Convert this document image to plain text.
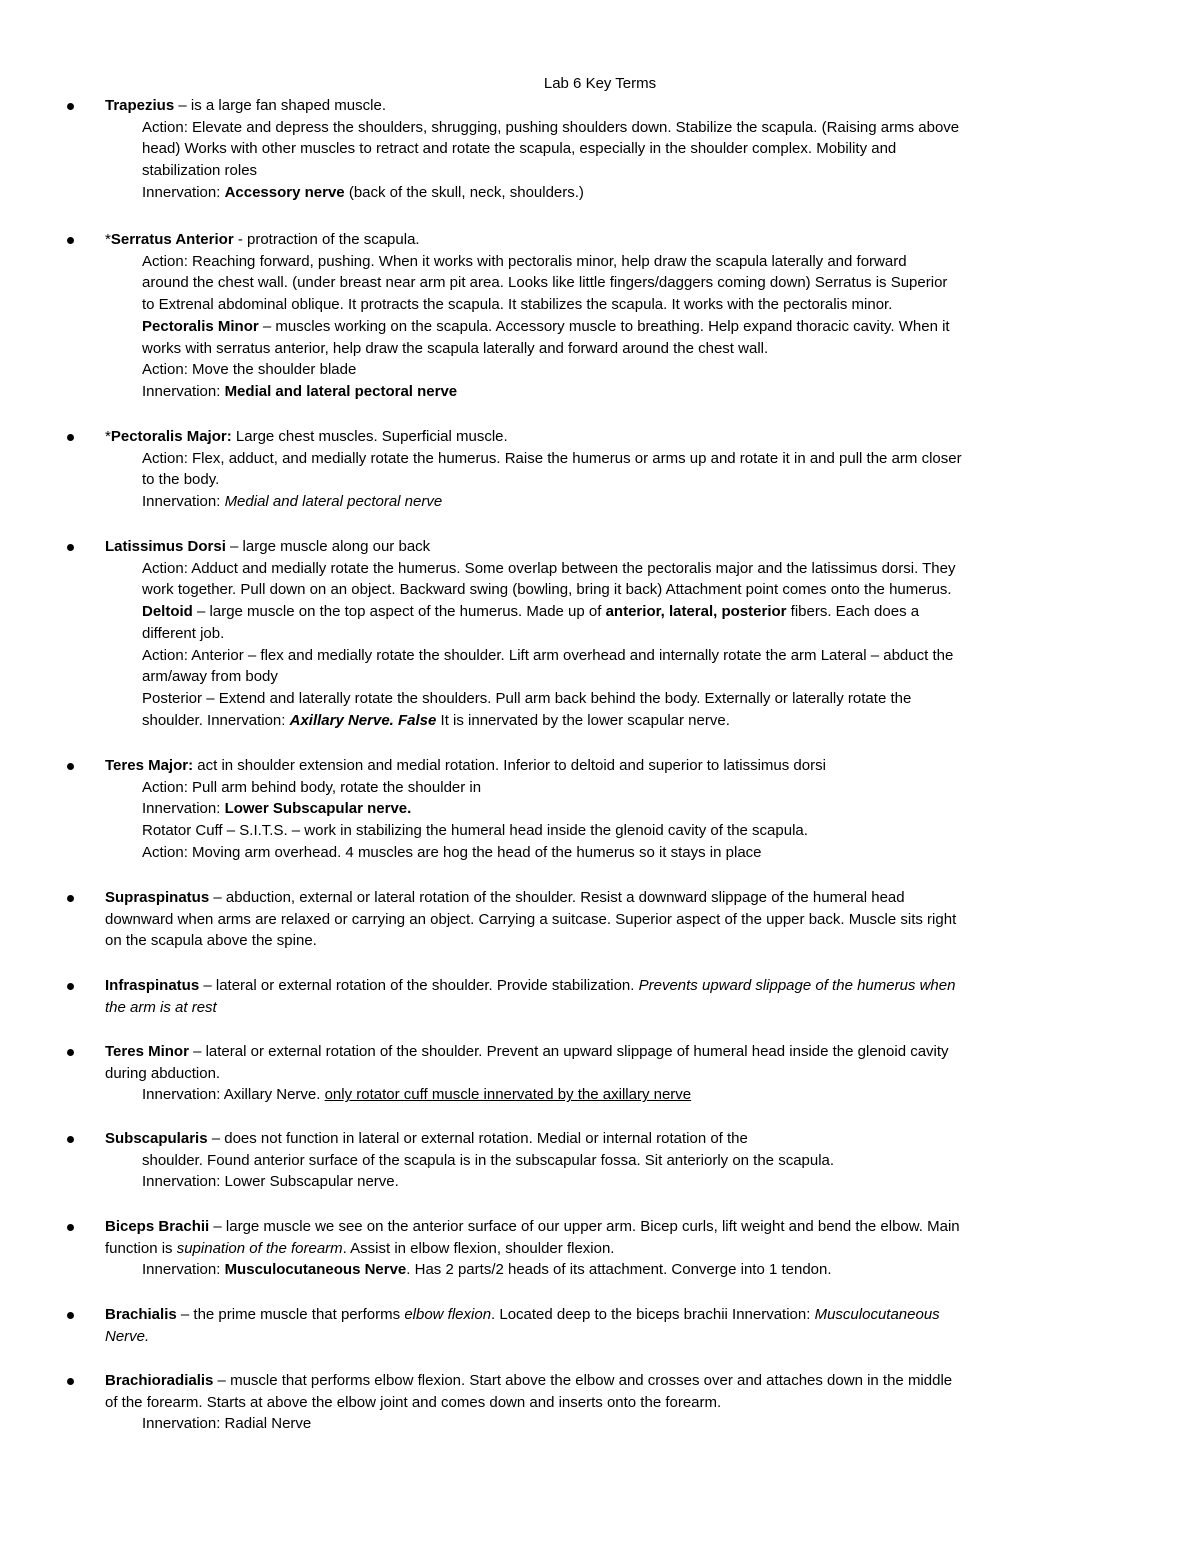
Lab 6 Key Terms
Trapezius – is a large fan shaped muscle.
Action: Elevate and depress the shoulders, shrugging, pushing shoulders down. Stabilize the scapula. (Raising arms above
head) Works with other muscles to retract and rotate the scapula, especially in the shoulder complex. Mobility and
stabilization roles
Innervation: Accessory nerve (back of the skull, neck, shoulders.)
*Serratus Anterior - protraction of the scapula.
Action: Reaching forward, pushing. When it works with pectoralis minor, help draw the scapula laterally and forward
around the chest wall. (under breast near arm pit area. Looks like little fingers/daggers coming down) Serratus is Superior
to Extrenal abdominal oblique. It protracts the scapula. It stabilizes the scapula. It works with the pectoralis minor.
Pectoralis Minor – muscles working on the scapula. Accessory muscle to breathing. Help expand thoracic cavity. When it
works with serratus anterior, help draw the scapula laterally and forward around the chest wall.
Action: Move the shoulder blade
Innervation: Medial and lateral pectoral nerve
*Pectoralis Major: Large chest muscles. Superficial muscle.
Action: Flex, adduct, and medially rotate the humerus. Raise the humerus or arms up and rotate it in and pull the arm closer
to the body.
Innervation: Medial and lateral pectoral nerve
Latissimus Dorsi – large muscle along our back
Action: Adduct and medially rotate the humerus. Some overlap between the pectoralis major and the latissimus dorsi. They
work together. Pull down on an object. Backward swing (bowling, bring it back) Attachment point comes onto the humerus.
Deltoid – large muscle on the top aspect of the humerus. Made up of anterior, lateral, posterior fibers. Each does a
different job.
Action: Anterior – flex and medially rotate the shoulder. Lift arm overhead and internally rotate the arm Lateral – abduct the
arm/away from body
Posterior – Extend and laterally rotate the shoulders. Pull arm back behind the body. Externally or laterally rotate the
shoulder. Innervation: Axillary Nerve. False It is innervated by the lower scapular nerve.
Teres Major: act in shoulder extension and medial rotation. Inferior to deltoid and superior to latissimus dorsi
Action: Pull arm behind body, rotate the shoulder in
Innervation: Lower Subscapular nerve.
Rotator Cuff – S.I.T.S. – work in stabilizing the humeral head inside the glenoid cavity of the scapula.
Action: Moving arm overhead. 4 muscles are hog the head of the humerus so it stays in place
Supraspinatus – abduction, external or lateral rotation of the shoulder. Resist a downward slippage of the humeral head
downward when arms are relaxed or carrying an object. Carrying a suitcase. Superior aspect of the upper back. Muscle sits right
on the scapula above the spine.
Infraspinatus – lateral or external rotation of the shoulder. Provide stabilization. Prevents upward slippage of the humerus when
the arm is at rest
Teres Minor – lateral or external rotation of the shoulder. Prevent an upward slippage of humeral head inside the glenoid cavity
during abduction.
Innervation: Axillary Nerve. only rotator cuff muscle innervated by the axillary nerve
Subscapularis – does not function in lateral or external rotation. Medial or internal rotation of the
shoulder. Found anterior surface of the scapula is in the subscapular fossa. Sit anteriorly on the scapula.
Innervation: Lower Subscapular nerve.
Biceps Brachii – large muscle we see on the anterior surface of our upper arm. Bicep curls, lift weight and bend the elbow. Main
function is supination of the forearm. Assist in elbow flexion, shoulder flexion.
Innervation: Musculocutaneous Nerve. Has 2 parts/2 heads of its attachment. Converge into 1 tendon.
Brachialis – the prime muscle that performs elbow flexion. Located deep to the biceps brachii Innervation: Musculocutaneous
Nerve.
Brachioradialis – muscle that performs elbow flexion. Start above the elbow and crosses over and attaches down in the middle
of the forearm. Starts at above the elbow joint and comes down and inserts onto the forearm.
Innervation: Radial Nerve
